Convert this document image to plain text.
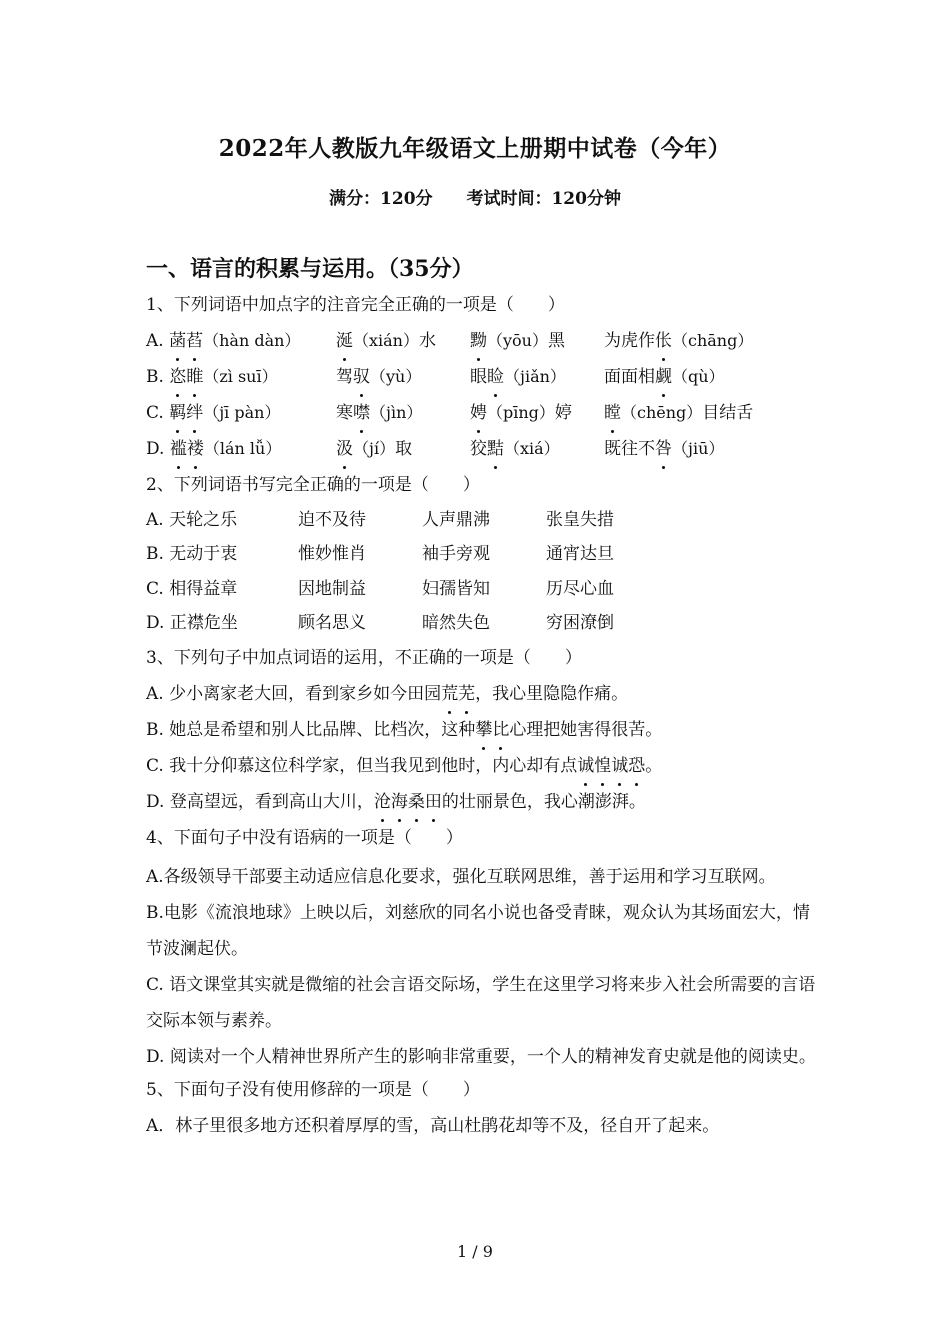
2022年人教版九年级语文上册期中试卷（今年）
满分：120分 考试时间：120分钟
一、语言的积累与运用。（35分）
1、下列词语中加点字的注音完全正确的一项是（　　）
A. 菡萏（hàn dàn） 涎（xián）水 黝（yōu）黑 为虎作伥（chāng）
B. 恣睢（zì suī）	驾驭（yù）	眼睑（jiǎn） 面面相觑（qù）
C. 羁绊（jī pàn）	寒噤（jìn）	娉（pīng）婷 瞠（chēng）目结舌
D. 褴褛（lán lǚ）	汲（jí）取	狡黠（xiá）	既往不咎（jiū）
2、下列词语书写完全正确的一项是（　　）
A. 天轮之乐	迫不及待	人声鼎沸	张皇失措
B. 无动于衷	惟妙惟肖	袖手旁观	通宵达旦
C. 相得益章	因地制益	妇孺皆知	历尽心血
D. 正襟危坐	顾名思义	暗然失色	穷困潦倒
3、下列句子中加点词语的运用，不正确的一项是（　　）
A. 少小离家老大回，看到家乡如今田园荒芜，我心里隐隐作痛。
B. 她总是希望和别人比品牌、比档次，这种攀比心理把她害得很苦。
C. 我十分仰慕这位科学家，但当我见到他时，内心却有点诚惶诚恐。
D. 登高望远，看到高山大川，沧海桑田的壮丽景色，我心潮澎湃。
4、下面句子中没有语病的一项是（　　）
A.各级领导干部要主动适应信息化要求，强化互联网思维，善于运用和学习互联网。
B.电影《流浪地球》上映以后，刘慈欣的同名小说也备受青睐，观众认为其场面宏大，情节波澜起伏。
C. 语文课堂其实就是微缩的社会言语交际场，学生在这里学习将来步入社会所需要的言语交际本领与素养。
D. 阅读对一个人精神世界所产生的影响非常重要，一个人的精神发育史就是他的阅读史。
5、下面句子没有使用修辞的一项是（　　）
A．林子里很多地方还积着厚厚的雪，高山杜鹃花却等不及，径自开了起来。
1 / 9
